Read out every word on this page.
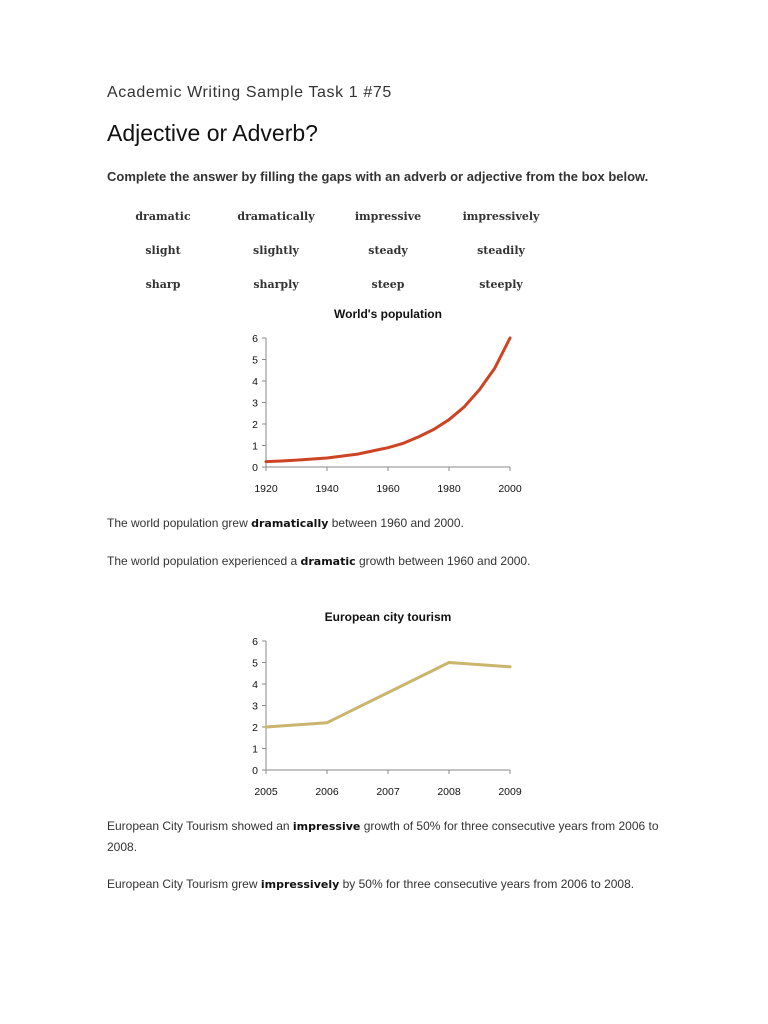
Academic Writing Sample Task 1 #75
Adjective or Adverb?
Complete the answer by filling the gaps with an adverb or adjective from the box below.
dramatic	dramatically	impressive	impressively
slight	slightly	steady	steadily
sharp	sharply	steep	steeply
World's population
0
1
2
3
4
5
6
1920	1940	1960	1980	2000
The world population grew dramatically between 1960 and 2000.
The world population experienced a dramatic growth between 1960 and 2000.
European city tourism
0
1
2
3
4
5
6
2005	2006	2007	2008	2009
European City Tourism showed an impressive growth of 50% for three consecutive years from 2006 to 2008.
European City Tourism grew impressively by 50% for three consecutive years from 2006 to 2008.
